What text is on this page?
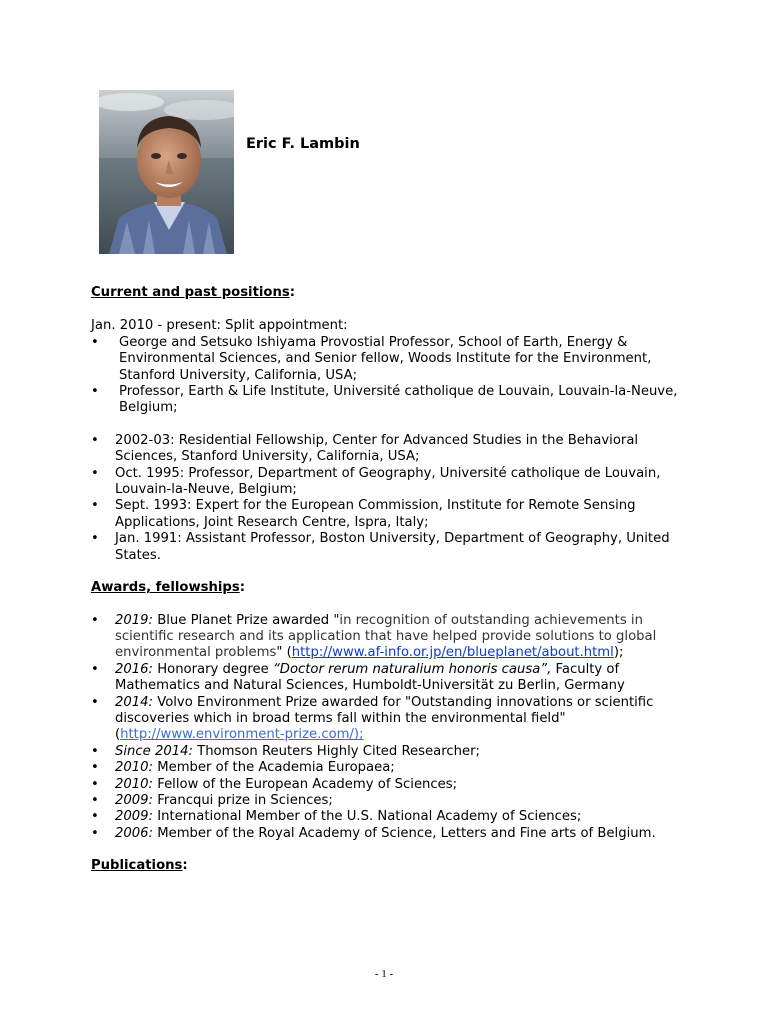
Eric F. Lambin

Current and past positions:

Jan. 2010 - present: Split appointment:
• George and Setsuko Ishiyama Provostial Professor, School of Earth, Energy & Environmental Sciences, and Senior fellow, Woods Institute for the Environment, Stanford University, California, USA;
• Professor, Earth & Life Institute, Université catholique de Louvain, Louvain-la-Neuve, Belgium;
• 2002-03: Residential Fellowship, Center for Advanced Studies in the Behavioral Sciences, Stanford University, California, USA;
• Oct. 1995: Professor, Department of Geography, Université catholique de Louvain, Louvain-la-Neuve, Belgium;
• Sept. 1993: Expert for the European Commission, Institute for Remote Sensing Applications, Joint Research Centre, Ispra, Italy;
• Jan. 1991: Assistant Professor, Boston University, Department of Geography, United States.

Awards, fellowships:

• 2019: Blue Planet Prize awarded "in recognition of outstanding achievements in scientific research and its application that have helped provide solutions to global environmental problems" (http://www.af-info.or.jp/en/blueplanet/about.html);
• 2016: Honorary degree “Doctor rerum naturalium honoris causa”, Faculty of Mathematics and Natural Sciences, Humboldt-Universität zu Berlin, Germany
• 2014: Volvo Environment Prize awarded for "Outstanding innovations or scientific discoveries which in broad terms fall within the environmental field" (http://www.environment-prize.com/);
• Since 2014: Thomson Reuters Highly Cited Researcher;
• 2010: Member of the Academia Europaea;
• 2010: Fellow of the European Academy of Sciences;
• 2009: Francqui prize in Sciences;
• 2009: International Member of the U.S. National Academy of Sciences;
• 2006: Member of the Royal Academy of Science, Letters and Fine arts of Belgium.

Publications:

- 1 -
